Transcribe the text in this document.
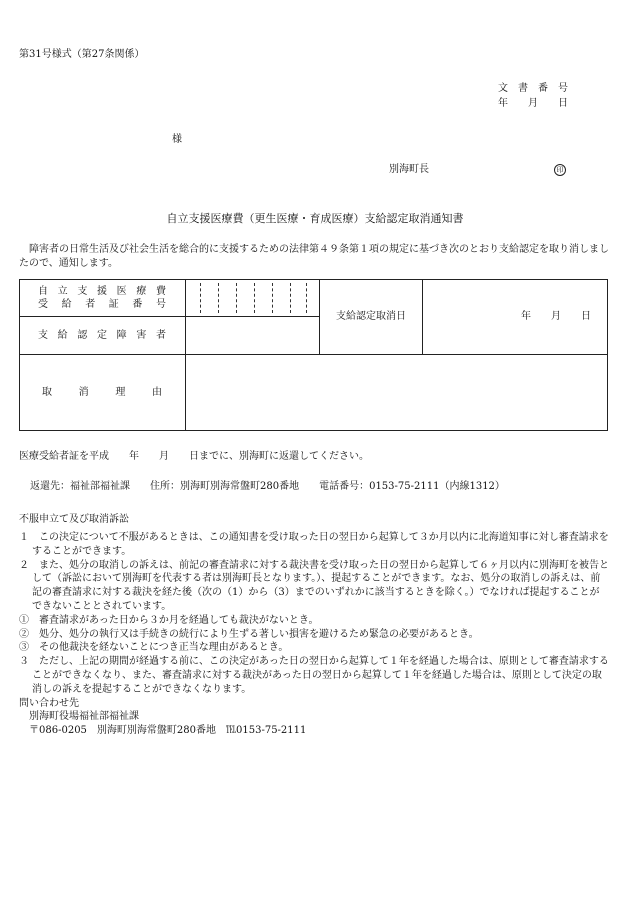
第31号様式（第27条関係）
文　書　番　号
年　　月　　日
様
別海町長	印
自立支援医療費（更生医療・育成医療）支給認定取消通知書
　障害者の日常生活及び社会生活を総合的に支援するための法律第４９条第１項の規定に基づき次のとおり支給認定を取り消しましたので、通知します。
自立支援医療費
受給者証番号		支給認定取消日	年　　月　　日

支給認定障害者			

取消理由			

医療受給者証を平成　　年　　月　　日までに、別海町に返還してください。
返還先：福祉部福祉課　　住所：別海町別海常盤町280番地　　電話番号：0153-75-2111（内線1312）
不服申立て及び取消訴訟
１　この決定について不服があるときは、この通知書を受け取った日の翌日から起算して３か月以内に北海道知事に対し審査請求をすることができます。
２　また、処分の取消しの訴えは、前記の審査請求に対する裁決書を受け取った日の翌日から起算して６ヶ月以内に別海町を被告として（訴訟において別海町を代表する者は別海町長となります。）、提起することができます。なお、処分の取消しの訴えは、前記の審査請求に対する裁決を経た後（次の（1）から（3）までのいずれかに該当するときを除く。）でなければ提起することができないこととされています。
①　審査請求があった日から３か月を経過しても裁決がないとき。
②　処分、処分の執行又は手続きの続行により生ずる著しい損害を避けるため緊急の必要があるとき。
③　その他裁決を経ないことにつき正当な理由があるとき。
３　ただし、上記の期間が経過する前に、この決定があった日の翌日から起算して１年を経過した場合は、原則として審査請求することができなくなり、また、審査請求に対する裁決があった日の翌日から起算して１年を経過した場合は、原則として決定の取消しの訴えを提起することができなくなります。
問い合わせ先
別海町役場福祉部福祉課
〒086-0205　別海町別海常盤町280番地　℡0153-75-2111
